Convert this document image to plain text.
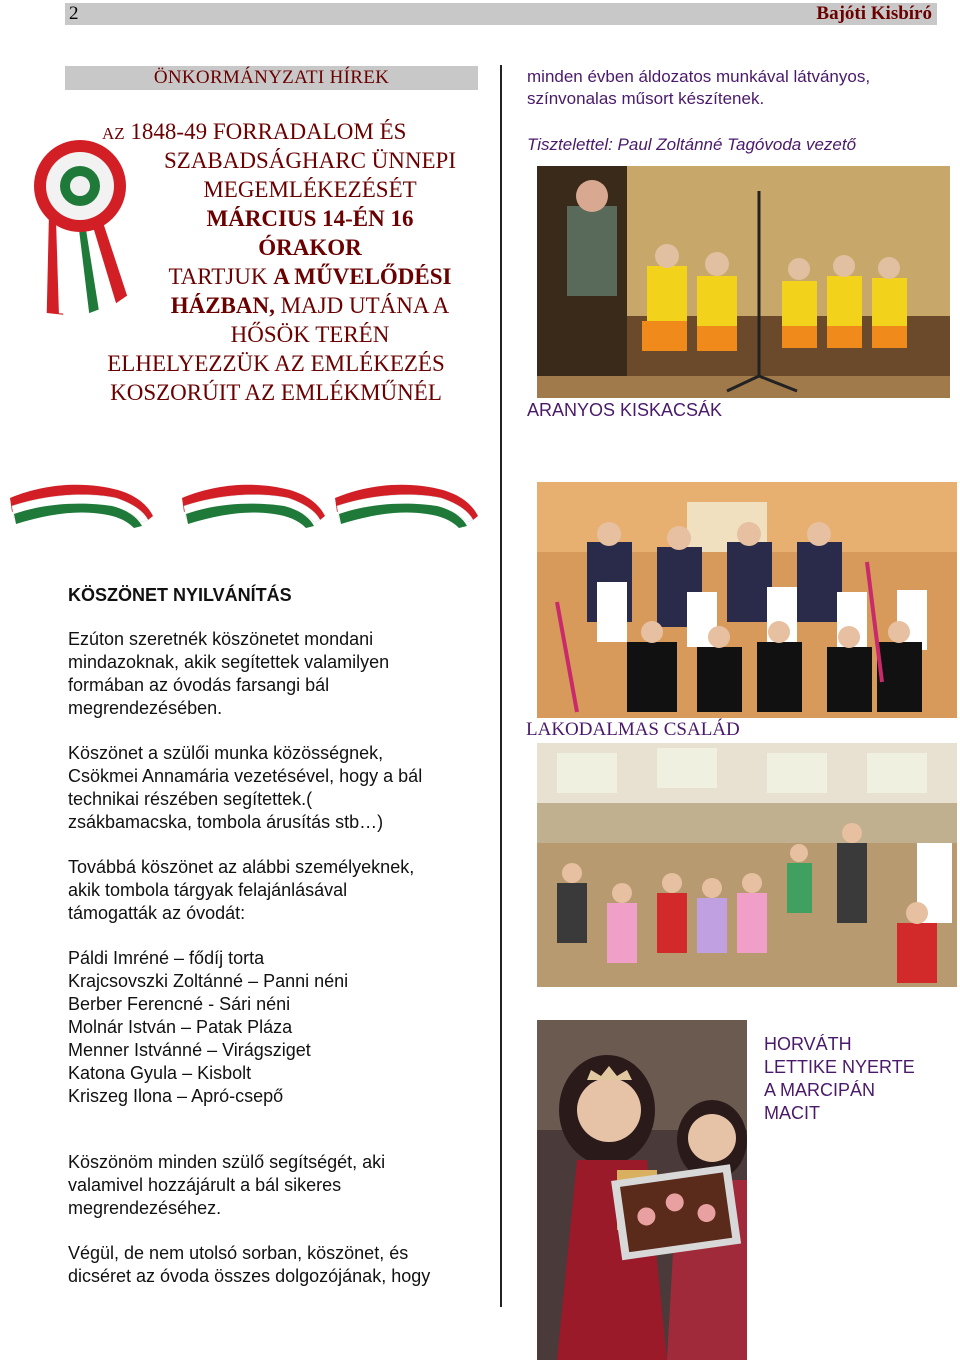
2	Bajóti Kisbíró
ÖNKORMÁNYZATI HÍREK
AZ 1848-49 FORRADALOM ÉS
SZABADSÁGHARC ÜNNEPI
MEGEMLÉKEZÉSÉT
MÁRCIUS 14-ÉN 16
ÓRAKOR
TARTJUK A MŰVELŐDÉSI
HÁZBAN, MAJD UTÁNA A
HŐSÖK TERÉN
ELHELYEZZÜK AZ EMLÉKEZÉS
KOSZORÚIT AZ EMLÉKMŰNÉL
KÖSZÖNET NYILVÁNÍTÁS
Ezúton szeretnék köszönetet mondani
mindazoknak, akik segítettek valamilyen
formában az óvodás farsangi bál
megrendezésében.
Köszönet a szülői munka közösségnek,
Csökmei Annamária vezetésével, hogy a bál
technikai részében segítettek.(
zsákbamacska, tombola árusítás stb…)
Továbbá köszönet az alábbi személyeknek,
akik tombola tárgyak felajánlásával
támogatták az óvodát:
Páldi Imréné – fődíj torta
Krajcsovszki Zoltánné – Panni néni
Berber Ferencné - Sári néni
Molnár István – Patak Pláza
Menner Istvánné – Virágsziget
Katona Gyula – Kisbolt
Kriszeg Ilona – Apró-csepő
Köszönöm minden szülő segítségét, aki
valamivel hozzájárult a bál sikeres
megrendezéséhez.
Végül, de nem utolsó sorban, köszönet, és
dicséret az óvoda összes dolgozójának, hogy
minden évben áldozatos munkával látványos,
színvonalas műsort készítenek.
Tisztelettel: Paul Zoltánné Tagóvoda vezető
ARANYOS KISKACSÁK
LAKODALMAS CSALÁD
HORVÁTH
LETTIKE NYERTE
A MARCIPÁN
MACIT
